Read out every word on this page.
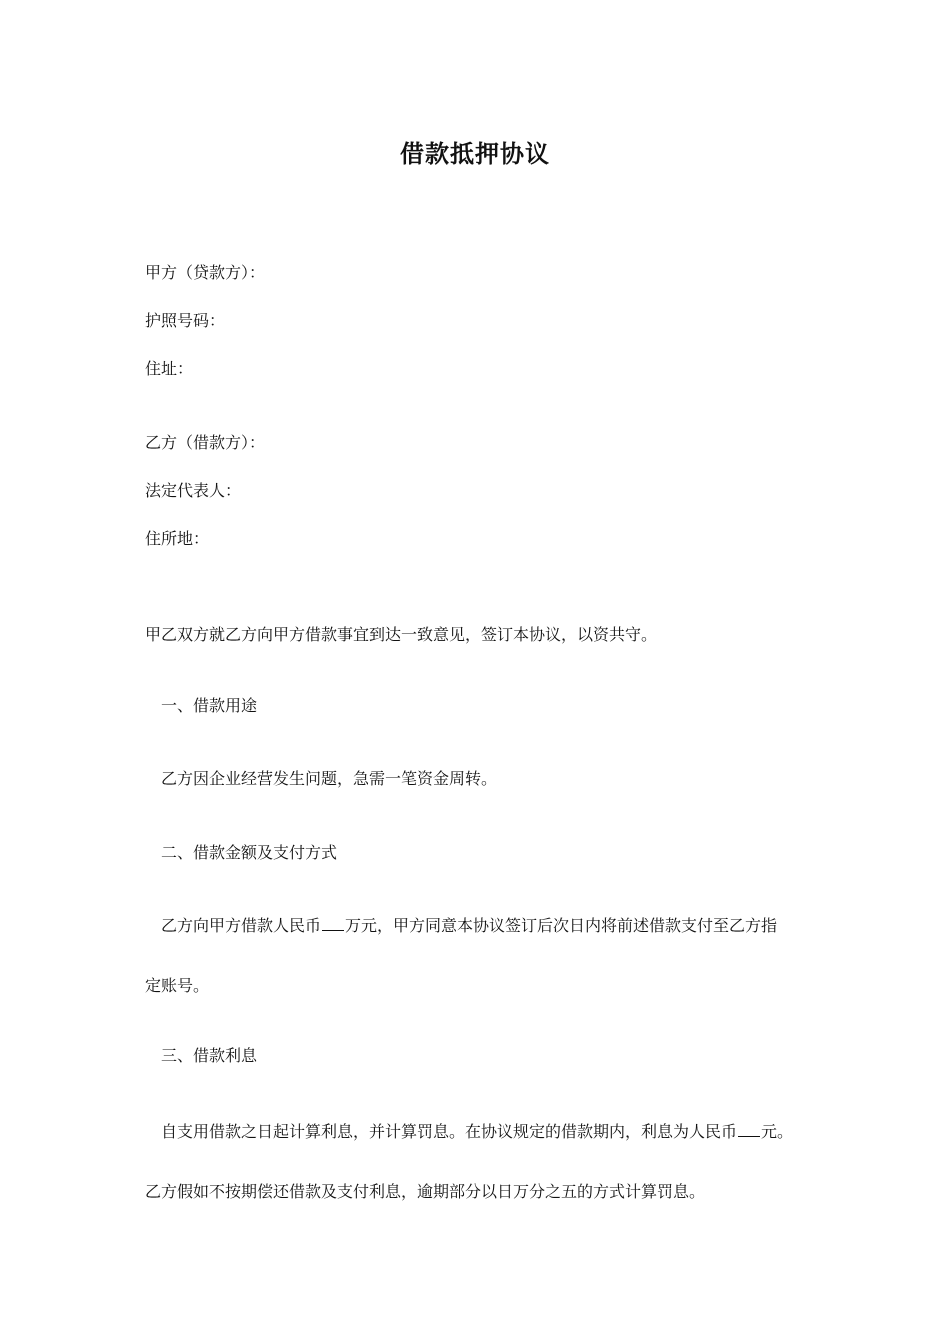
借款抵押协议
甲方（贷款方）：
护照号码：
住址：
乙方（借款方）：
法定代表人：
住所地：
甲乙双方就乙方向甲方借款事宜到达一致意见，签订本协议，以资共守。
一、借款用途
乙方因企业经营发生问题，急需一笔资金周转。
二、借款金额及支付方式
乙方向甲方借款人民币 万元，甲方同意本协议签订后次日内将前述借款支付至乙方指
定账号。
三、借款利息
自支用借款之日起计算利息，并计算罚息。在协议规定的借款期内，利息为人民币 元。
乙方假如不按期偿还借款及支付利息，逾期部分以日万分之五的方式计算罚息。
